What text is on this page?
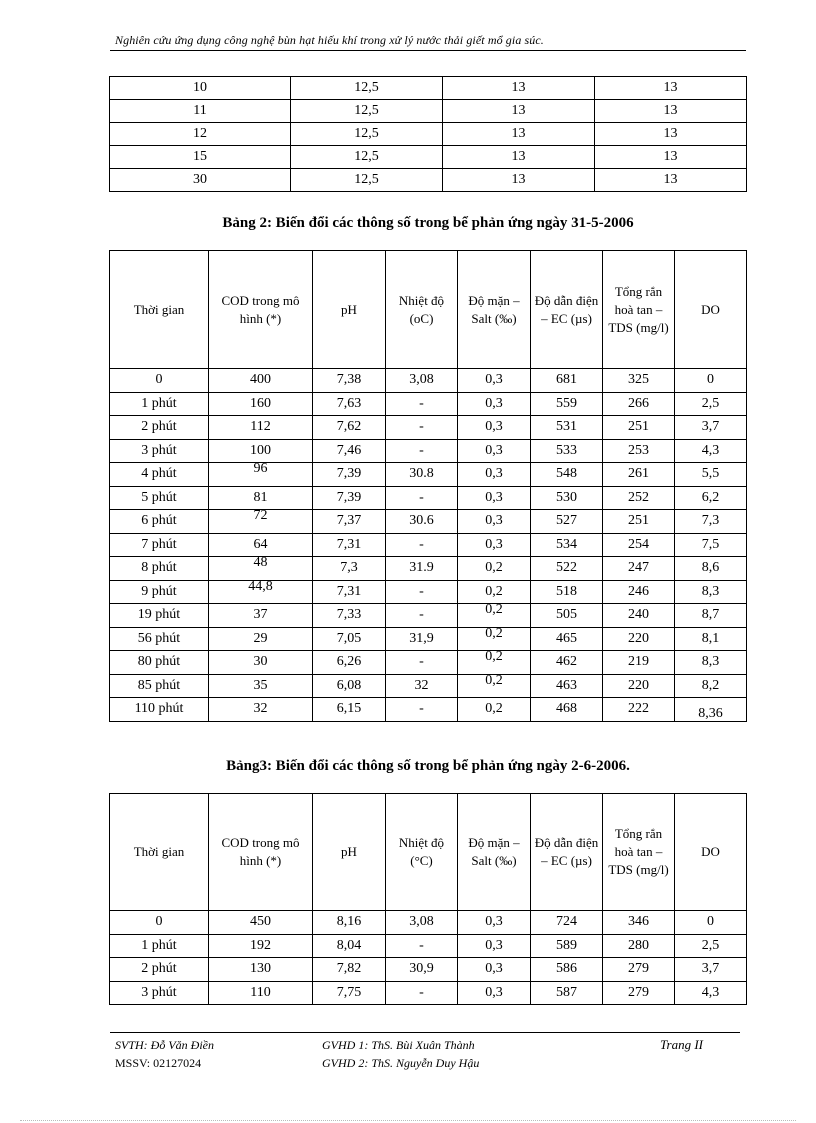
Nghiên cứu ứng dụng công nghệ bùn hạt hiếu khí trong xử lý nước thải giết mổ gia súc.
10	12,5	13	13
11	12,5	13	13
12	12,5	13	13
15	12,5	13	13
30	12,5	13	13
Bảng 2: Biến đổi các thông số trong bể phản ứng ngày 31-5-2006
Thời gian	COD trong mô hình (*)	pH	Nhiệt độ (oC)	Độ mặn – Salt (‰)	Độ dẫn điện – EC (µs)	Tổng rắn hoà tan – TDS (mg/l)	DO
0	400	7,38	3,08	0,3	681	325	0
1 phút	160	7,63	-	0,3	559	266	2,5
2 phút	112	7,62	-	0,3	531	251	3,7
3 phút	100	7,46	-	0,3	533	253	4,3
4 phút	96	7,39	30.8	0,3	548	261	5,5
5 phút	81	7,39	-	0,3	530	252	6,2
6 phút	72	7,37	30.6	0,3	527	251	7,3
7 phút	64	7,31	-	0,3	534	254	7,5
8 phút	48	7,3	31.9	0,2	522	247	8,6
9 phút	44,8	7,31	-	0,2	518	246	8,3
19 phút	37	7,33	-	0,2	505	240	8,7
56 phút	29	7,05	31,9	0,2	465	220	8,1
80 phút	30	6,26	-	0,2	462	219	8,3
85 phút	35	6,08	32	0,2	463	220	8,2
110 phút	32	6,15	-	0,2	468	222	8,36
Bảng3: Biến đổi các thông số trong bể phản ứng ngày 2-6-2006.
Thời gian	COD trong mô hình (*)	pH	Nhiệt độ (°C)	Độ mặn – Salt (‰)	Độ dẫn điện – EC (µs)	Tổng rắn hoà tan – TDS (mg/l)	DO
0	450	8,16	3,08	0,3	724	346	0
1 phút	192	8,04	-	0,3	589	280	2,5
2 phút	130	7,82	30,9	0,3	586	279	3,7
3 phút	110	7,75	-	0,3	587	279	4,3
SVTH: Đỗ Văn Điền
MSSV: 02127024
GVHD 1: ThS. Bùi Xuân Thành
GVHD 2: ThS. Nguyễn Duy Hậu
Trang II
